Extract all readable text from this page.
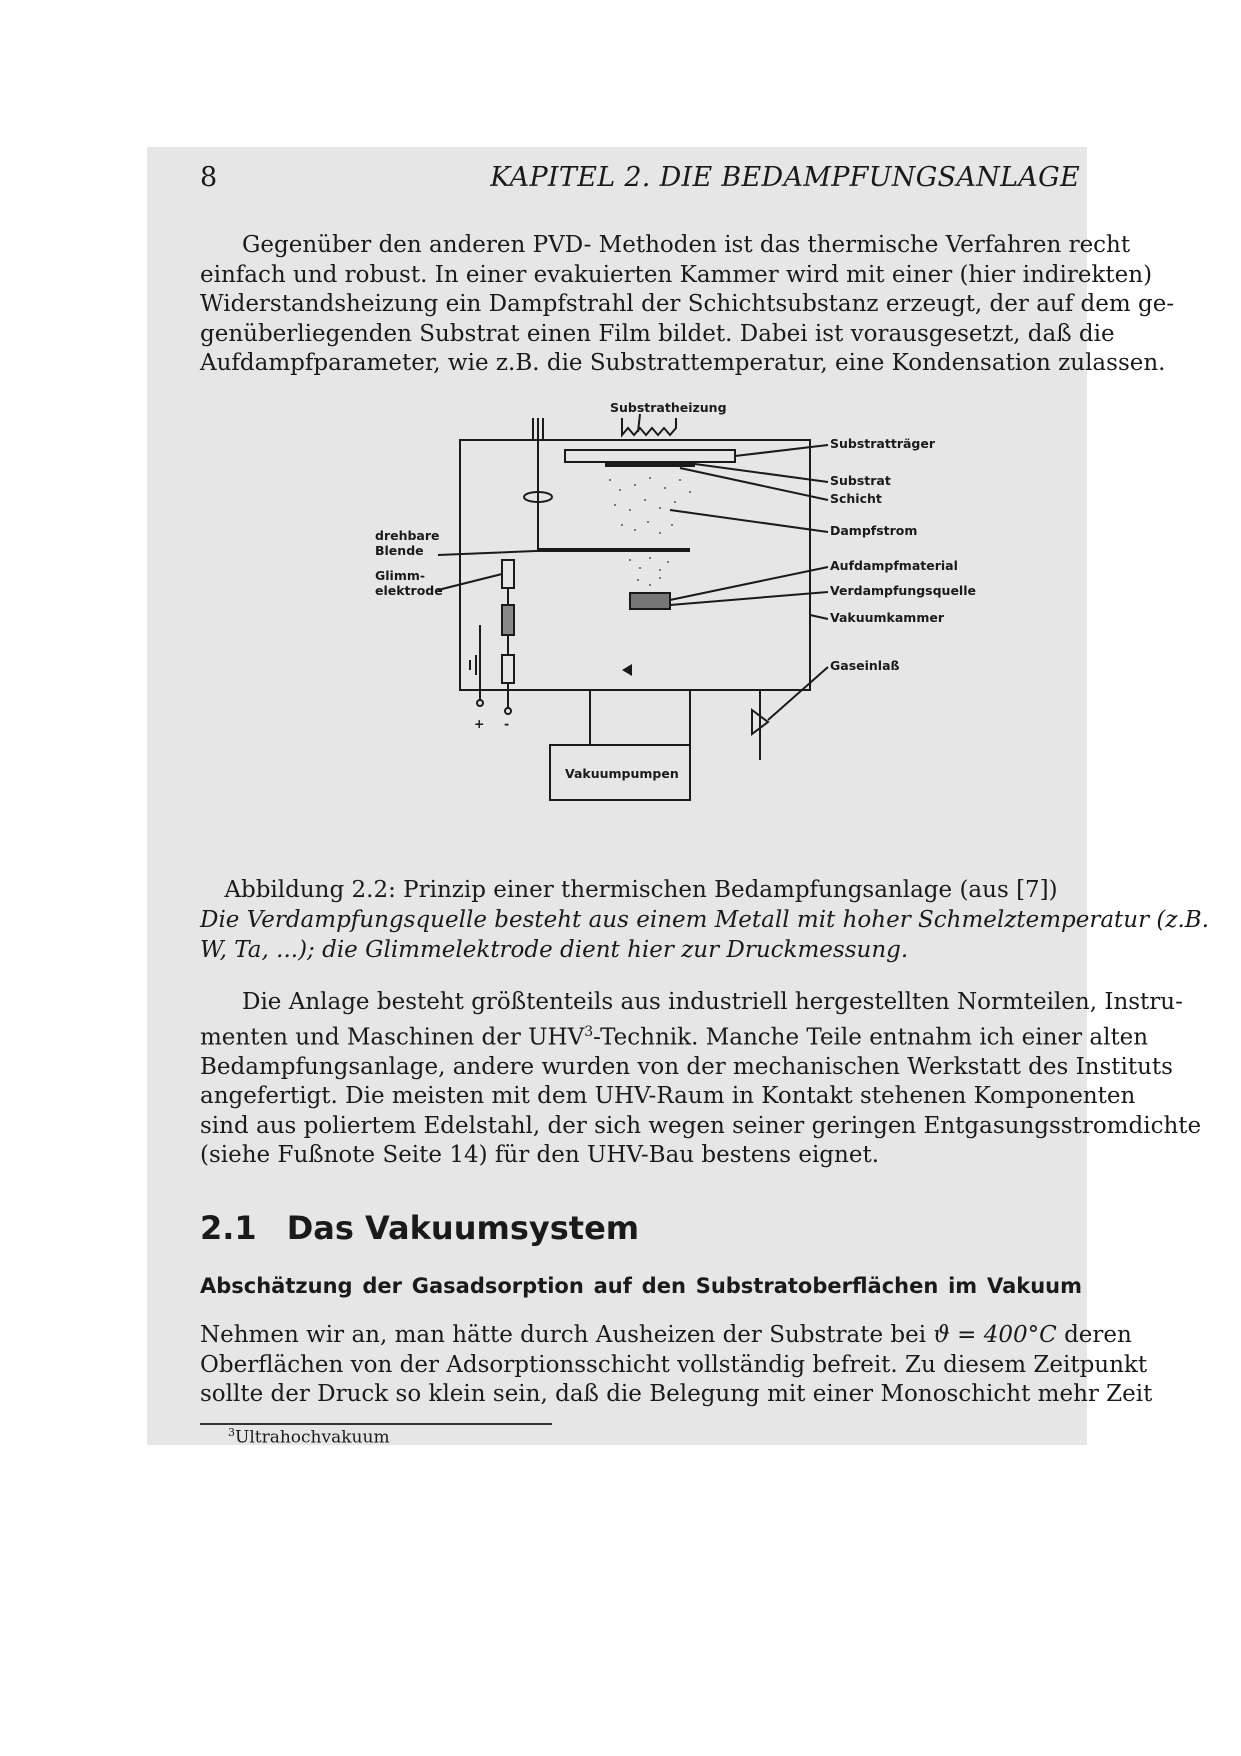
8	KAPITEL 2. DIE BEDAMPFUNGSANLAGE
Gegenüber den anderen PVD- Methoden ist das thermische Verfahren recht
einfach und robust. In einer evakuierten Kammer wird mit einer (hier indirekten)
Widerstandsheizung ein Dampfstrahl der Schichtsubstanz erzeugt, der auf dem ge-
genüberliegenden Substrat einen Film bildet. Dabei ist vorausgesetzt, daß die
Aufdampfparameter, wie z.B. die Substrattemperatur, eine Kondensation zulassen.
+ -
Vakuumpumpen
Substratheizung
Substratträger
Substrat
Schicht
Dampfstrom
Aufdampfmaterial
Verdampfungsquelle
Vakuumkammer
Gaseinlaß
drehbare
Blende
Glimm-
elektrode
Abbildung 2.2: Prinzip einer thermischen Bedampfungsanlage (aus [7])
Die Verdampfungsquelle besteht aus einem Metall mit hoher Schmelztemperatur (z.B.
W, Ta, ...); die Glimmelektrode dient hier zur Druckmessung.
Die Anlage besteht größtenteils aus industriell hergestellten Normteilen, Instru-
menten und Maschinen der UHV$^3$-Technik. Manche Teile entnahm ich einer alten
Bedampfungsanlage, andere wurden von der mechanischen Werkstatt des Instituts
angefertigt. Die meisten mit dem UHV-Raum in Kontakt stehenen Komponenten
sind aus poliertem Edelstahl, der sich wegen seiner geringen Entgasungsstromdichte
(siehe Fußnote Seite 14) für den UHV-Bau bestens eignet.
2.1 Das Vakuumsystem
Abschätzung der Gasadsorption auf den Substratoberflächen im Vakuum
Nehmen wir an, man hätte durch Ausheizen der Substrate bei ϑ = 400°C deren
Oberflächen von der Adsorptionsschicht vollständig befreit. Zu diesem Zeitpunkt
sollte der Druck so klein sein, daß die Belegung mit einer Monoschicht mehr Zeit
$^3$Ultrahochvakuum
